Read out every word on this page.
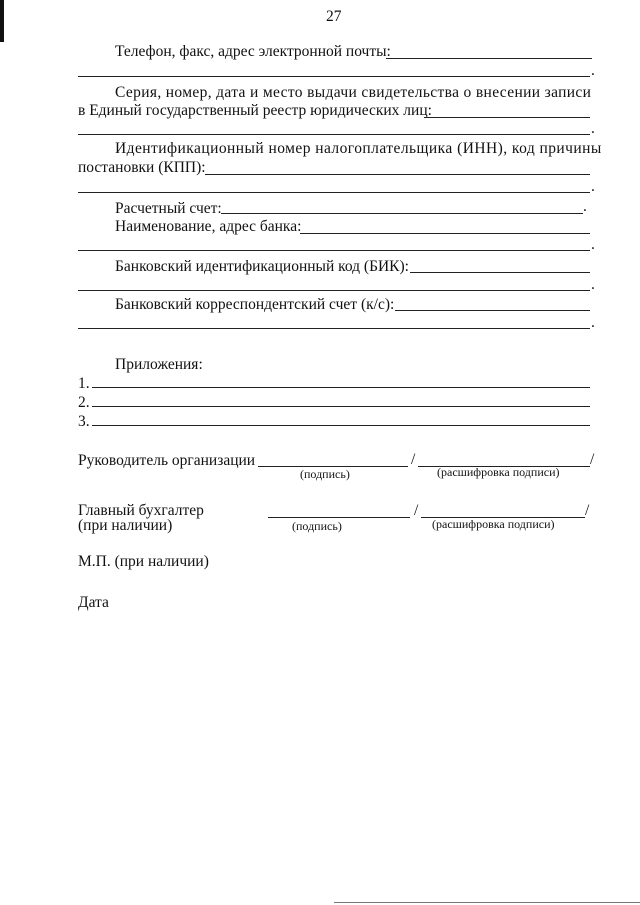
27
Телефон, факс, адрес электронной почты:
.
Серия, номер, дата и место выдачи свидетельства о внесении записи
в Единый государственный реестр юридических лиц:
.
Идентификационный номер налогоплательщика (ИНН), код причины
постановки (КПП):
.
Расчетный счет:	.
Наименование, адрес банка:
.
Банковский идентификационный код (БИК):
.
Банковский корреспондентский счет (к/с):
.
Приложения:
1.
2.
3.
Руководитель организации	/	/
(подпись)	(расшифровка подписи)
Главный бухгалтер
(при наличии)
/	/
(подпись)	(расшифровка подписи)
М.П. (при наличии)
Дата
